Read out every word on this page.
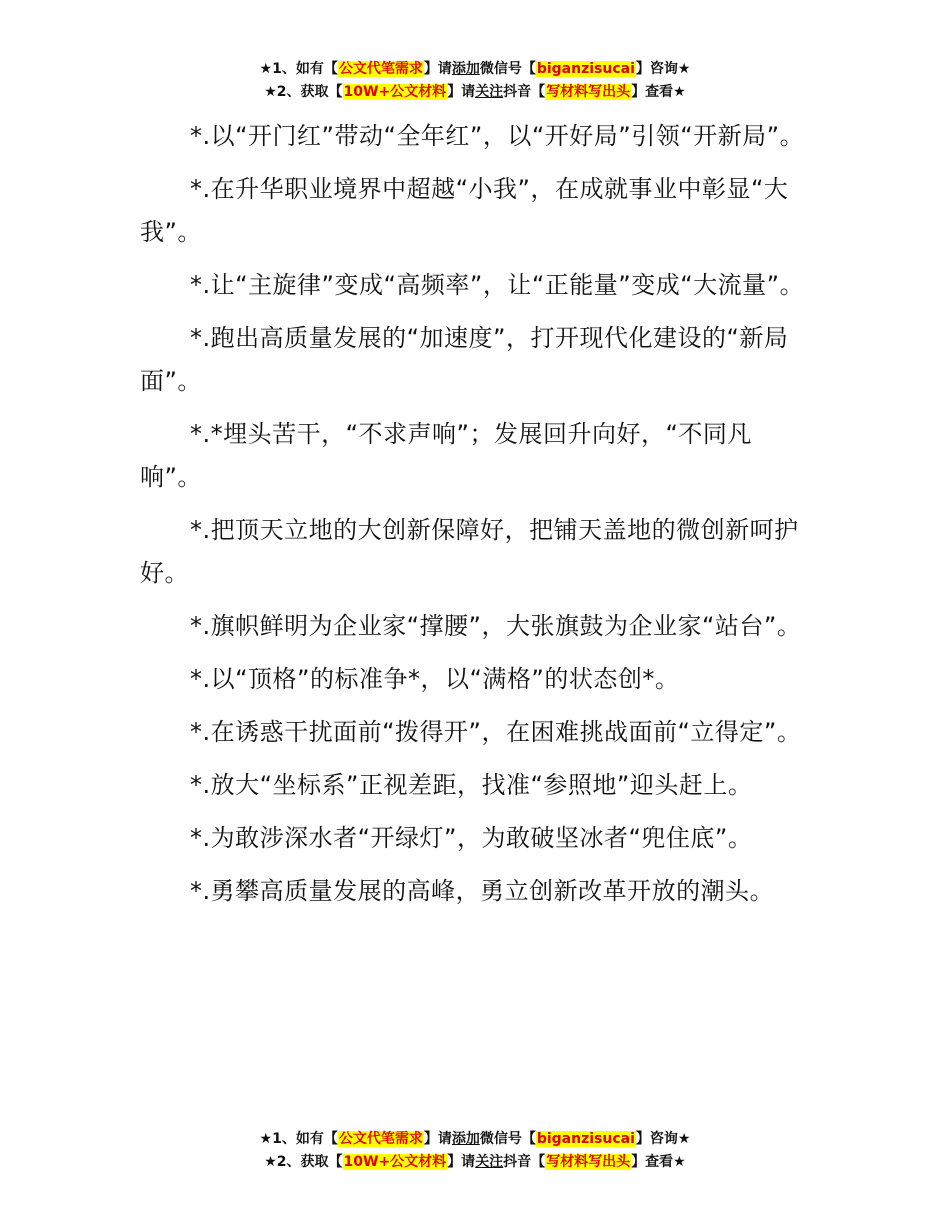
★1、如有【公文代笔需求】请添加微信号【biganzisucai】咨询★
★2、获取【10W+公文材料】请关注抖音【写材料写出头】查看★

*.以“开门红”带动“全年红”，以“开好局”引领“开新局”。

*.在升华职业境界中超越“小我”，在成就事业中彰显“大我”。

*.让“主旋律”变成“高频率”，让“正能量”变成“大流量”。

*.跑出高质量发展的“加速度”，打开现代化建设的“新局面”。

*.*埋头苦干，“不求声响”；发展回升向好，“不同凡响”。

*.把顶天立地的大创新保障好，把铺天盖地的微创新呵护好。

*.旗帜鲜明为企业家“撑腰”，大张旗鼓为企业家“站台”。

*.以“顶格”的标准争*，以“满格”的状态创*。

*.在诱惑干扰面前“拨得开”，在困难挑战面前“立得定”。

*.放大“坐标系”正视差距，找准“参照地”迎头赶上。

*.为敢涉深水者“开绿灯”，为敢破坚冰者“兜住底”。

*.勇攀高质量发展的高峰，勇立创新改革开放的潮头。

★1、如有【公文代笔需求】请添加微信号【biganzisucai】咨询★
★2、获取【10W+公文材料】请关注抖音【写材料写出头】查看★
